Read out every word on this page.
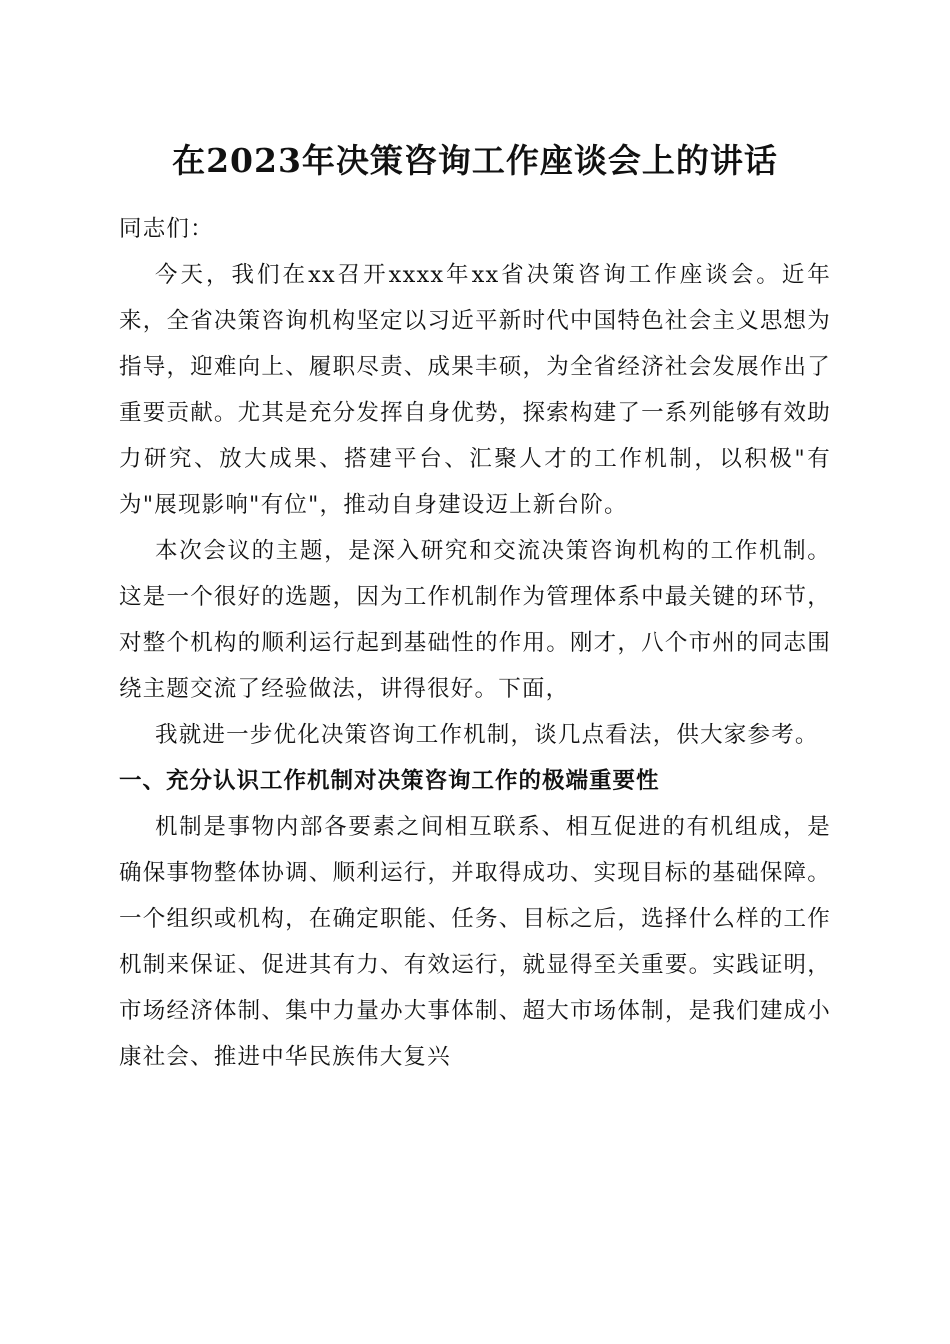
在2023年决策咨询工作座谈会上的讲话

同志们：

今天，我们在xx召开xxxx年xx省决策咨询工作座谈会。近年来，全省决策咨询机构坚定以习近平新时代中国特色社会主义思想为指导，迎难向上、履职尽责、成果丰硕，为全省经济社会发展作出了重要贡献。尤其是充分发挥自身优势，探索构建了一系列能够有效助力研究、放大成果、搭建平台、汇聚人才的工作机制，以积极"有为"展现影响"有位"，推动自身建设迈上新台阶。

本次会议的主题，是深入研究和交流决策咨询机构的工作机制。这是一个很好的选题，因为工作机制作为管理体系中最关键的环节，对整个机构的顺利运行起到基础性的作用。刚才，八个市州的同志围绕主题交流了经验做法，讲得很好。下面，

我就进一步优化决策咨询工作机制，谈几点看法，供大家参考。

一、充分认识工作机制对决策咨询工作的极端重要性

机制是事物内部各要素之间相互联系、相互促进的有机组成，是确保事物整体协调、顺利运行，并取得成功、实现目标的基础保障。一个组织或机构，在确定职能、任务、目标之后，选择什么样的工作机制来保证、促进其有力、有效运行，就显得至关重要。实践证明，市场经济体制、集中力量办大事体制、超大市场体制，是我们建成小康社会、推进中华民族伟大复兴
